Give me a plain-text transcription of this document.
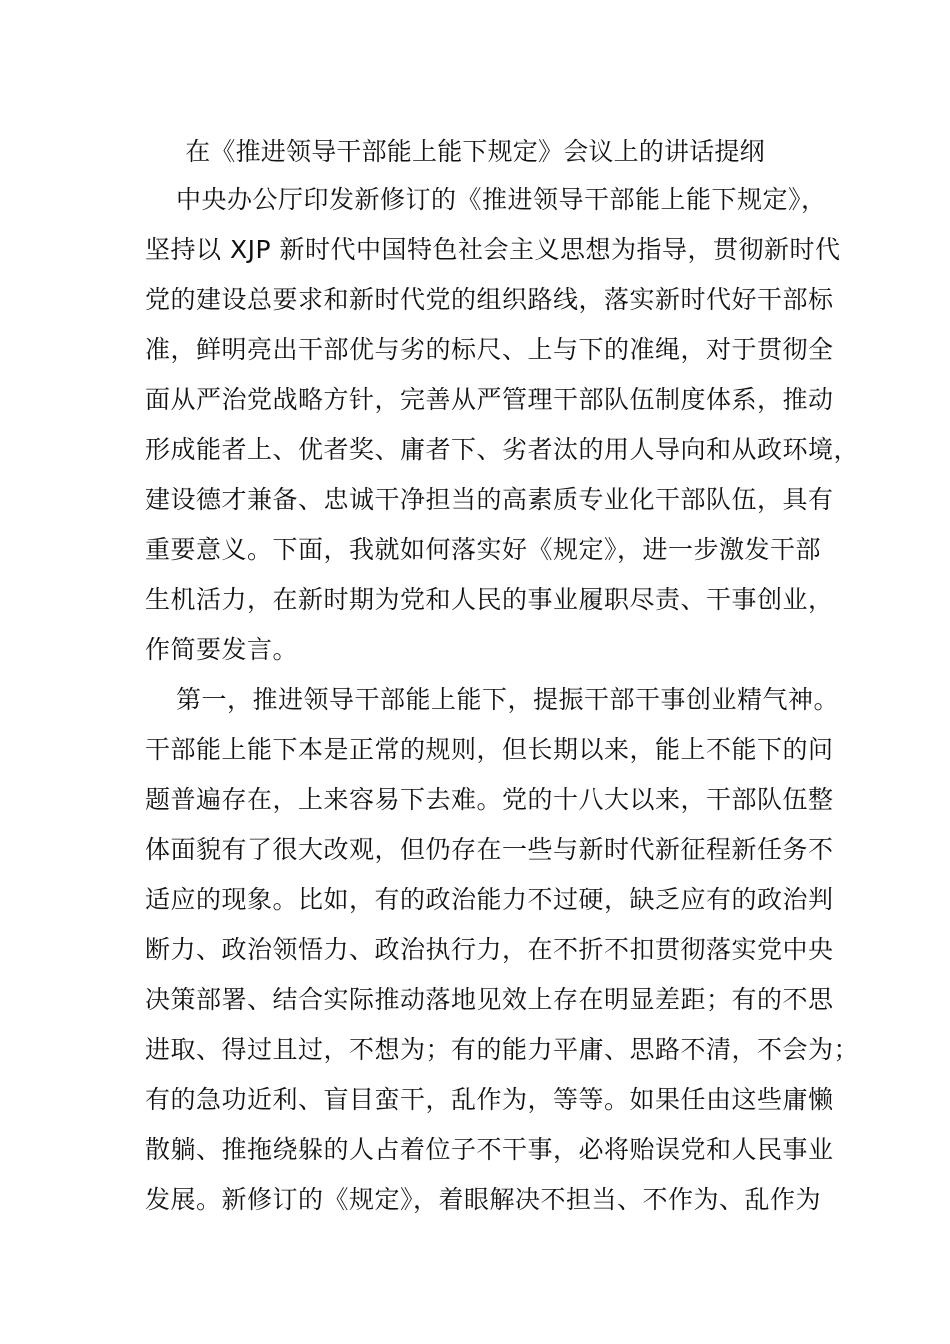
在《推进领导干部能上能下规定》会议上的讲话提纲
中央办公厅印发新修订的《推进领导干部能上能下规定》，
坚持以 XJP 新时代中国特色社会主义思想为指导，贯彻新时代
党的建设总要求和新时代党的组织路线，落实新时代好干部标
准，鲜明亮出干部优与劣的标尺、上与下的准绳，对于贯彻全
面从严治党战略方针，完善从严管理干部队伍制度体系，推动
形成能者上、优者奖、庸者下、劣者汰的用人导向和从政环境，
建设德才兼备、忠诚干净担当的高素质专业化干部队伍，具有
重要意义。下面，我就如何落实好《规定》，进一步激发干部
生机活力，在新时期为党和人民的事业履职尽责、干事创业，
作简要发言。
第一，推进领导干部能上能下，提振干部干事创业精气神。
干部能上能下本是正常的规则，但长期以来，能上不能下的问
题普遍存在，上来容易下去难。党的十八大以来，干部队伍整
体面貌有了很大改观，但仍存在一些与新时代新征程新任务不
适应的现象。比如，有的政治能力不过硬，缺乏应有的政治判
断力、政治领悟力、政治执行力，在不折不扣贯彻落实党中央
决策部署、结合实际推动落地见效上存在明显差距；有的不思
进取、得过且过，不想为；有的能力平庸、思路不清，不会为；
有的急功近利、盲目蛮干，乱作为，等等。如果任由这些庸懒
散躺、推拖绕躲的人占着位子不干事，必将贻误党和人民事业
发展。新修订的《规定》，着眼解决不担当、不作为、乱作为
